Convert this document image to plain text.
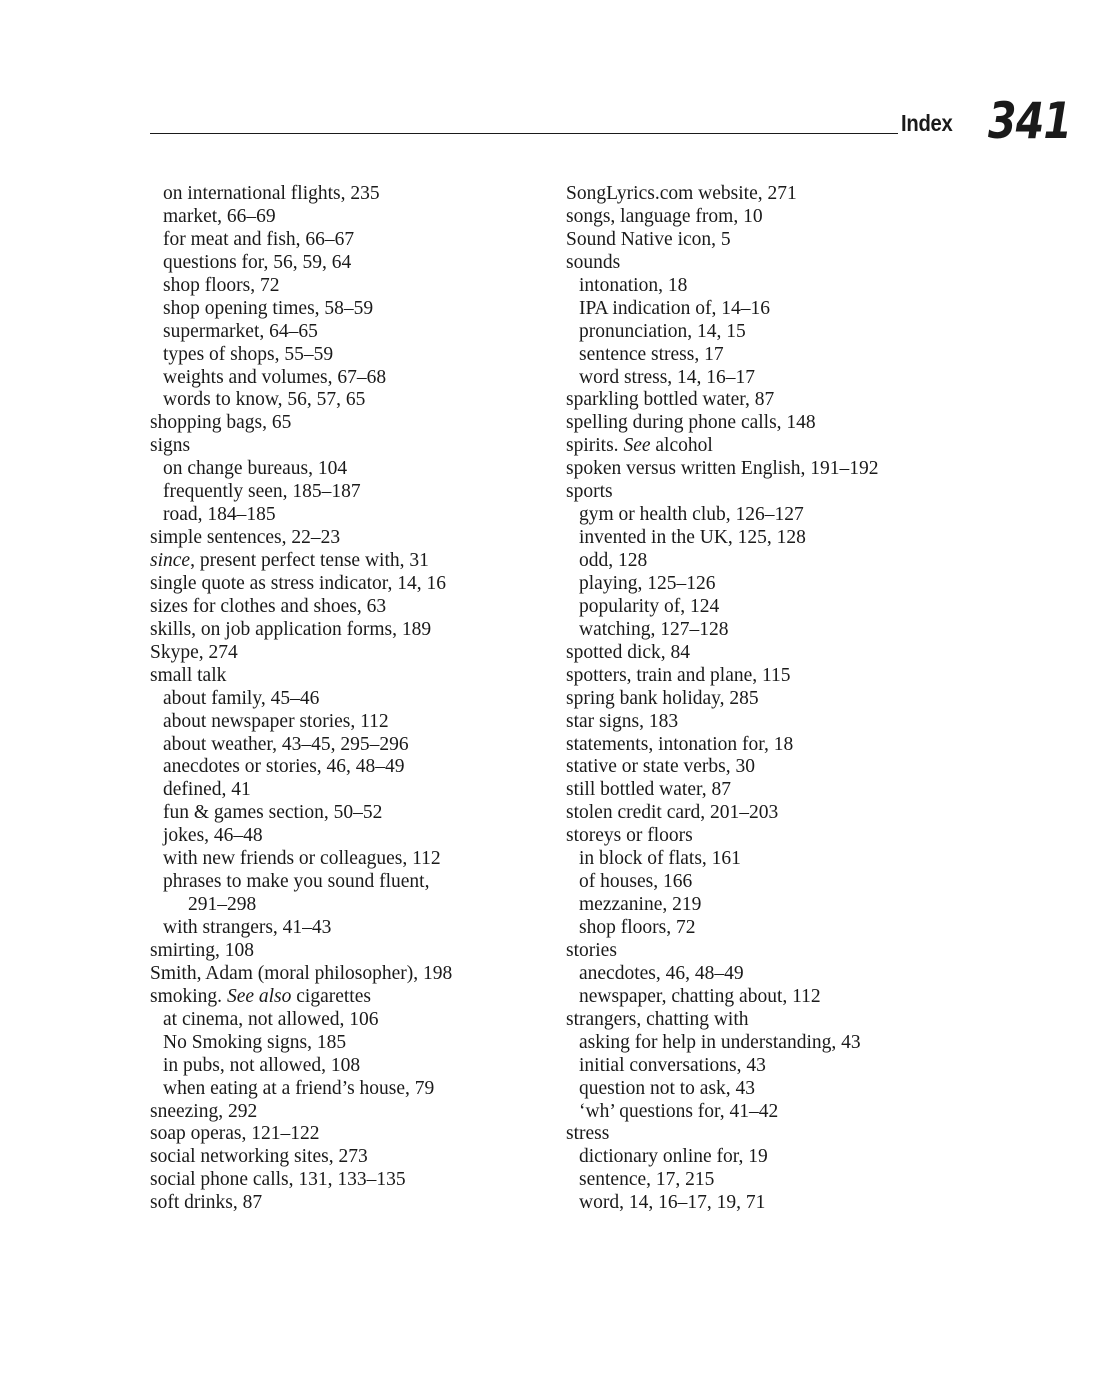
Index 341
on international flights, 235
market, 66–69
for meat and fish, 66–67
questions for, 56, 59, 64
shop floors, 72
shop opening times, 58–59
supermarket, 64–65
types of shops, 55–59
weights and volumes, 67–68
words to know, 56, 57, 65
shopping bags, 65
signs
on change bureaus, 104
frequently seen, 185–187
road, 184–185
simple sentences, 22–23
since, present perfect tense with, 31
single quote as stress indicator, 14, 16
sizes for clothes and shoes, 63
skills, on job application forms, 189
Skype, 274
small talk
about family, 45–46
about newspaper stories, 112
about weather, 43–45, 295–296
anecdotes or stories, 46, 48–49
defined, 41
fun & games section, 50–52
jokes, 46–48
with new friends or colleagues, 112
phrases to make you sound fluent,
291–298
with strangers, 41–43
smirting, 108
Smith, Adam (moral philosopher), 198
smoking. See also cigarettes
at cinema, not allowed, 106
No Smoking signs, 185
in pubs, not allowed, 108
when eating at a friend’s house, 79
sneezing, 292
soap operas, 121–122
social networking sites, 273
social phone calls, 131, 133–135
soft drinks, 87
SongLyrics.com website, 271
songs, language from, 10
Sound Native icon, 5
sounds
intonation, 18
IPA indication of, 14–16
pronunciation, 14, 15
sentence stress, 17
word stress, 14, 16–17
sparkling bottled water, 87
spelling during phone calls, 148
spirits. See alcohol
spoken versus written English, 191–192
sports
gym or health club, 126–127
invented in the UK, 125, 128
odd, 128
playing, 125–126
popularity of, 124
watching, 127–128
spotted dick, 84
spotters, train and plane, 115
spring bank holiday, 285
star signs, 183
statements, intonation for, 18
stative or state verbs, 30
still bottled water, 87
stolen credit card, 201–203
storeys or floors
in block of flats, 161
of houses, 166
mezzanine, 219
shop floors, 72
stories
anecdotes, 46, 48–49
newspaper, chatting about, 112
strangers, chatting with
asking for help in understanding, 43
initial conversations, 43
question not to ask, 43
‘wh’ questions for, 41–42
stress
dictionary online for, 19
sentence, 17, 215
word, 14, 16–17, 19, 71
